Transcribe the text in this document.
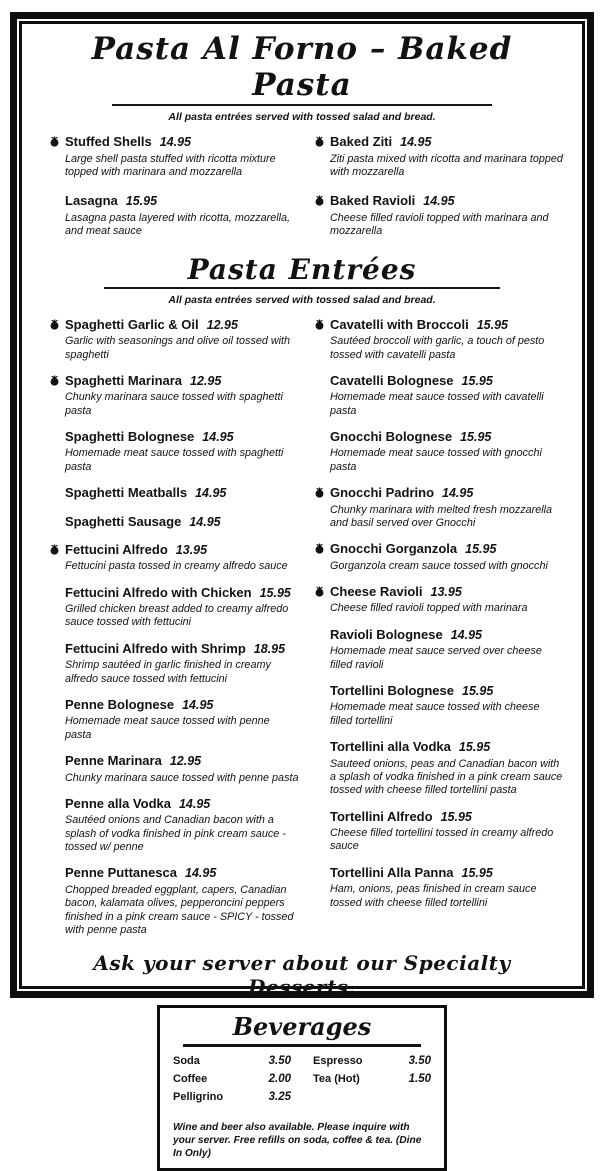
Pasta Al Forno – Baked Pasta
All pasta entrées served with tossed salad and bread.
Stuffed Shells 14.95
Large shell pasta stuffed with ricotta mixture topped with marinara and mozzarella
Lasagna 15.95
Lasagna pasta layered with ricotta, mozzarella, and meat sauce
Baked Ziti 14.95
Ziti pasta mixed with ricotta and marinara topped with mozzarella
Baked Ravioli 14.95
Cheese filled ravioli topped with marinara and mozzarella
Pasta Entrées
All pasta entrées served with tossed salad and bread.
Spaghetti Garlic & Oil 12.95
Garlic with seasonings and olive oil tossed with spaghetti
Spaghetti Marinara 12.95
Chunky marinara sauce tossed with spaghetti pasta
Spaghetti Bolognese 14.95
Homemade meat sauce tossed with spaghetti pasta
Spaghetti Meatballs 14.95
Spaghetti Sausage 14.95
Fettucini Alfredo 13.95
Fettucini pasta tossed in creamy alfredo sauce
Fettucini Alfredo with Chicken 15.95
Grilled chicken breast added to creamy alfredo sauce tossed with fettucini
Fettucini Alfredo with Shrimp 18.95
Shrimp sautéed in garlic finished in creamy alfredo sauce tossed with fettucini
Penne Bolognese 14.95
Homemade meat sauce tossed with penne pasta
Penne Marinara 12.95
Chunky marinara sauce tossed with penne pasta
Penne alla Vodka 14.95
Sautéed onions and Canadian bacon with a splash of vodka finished in pink cream sauce - tossed w/ penne
Penne Puttanesca 14.95
Chopped breaded eggplant, capers, Canadian bacon, kalamata olives, pepperoncini peppers finished in a pink cream sauce - SPICY - tossed with penne pasta
Cavatelli with Broccoli 15.95
Sautéed broccoli with garlic, a touch of pesto tossed with cavatelli pasta
Cavatelli Bolognese 15.95
Homemade meat sauce tossed with cavatelli pasta
Gnocchi Bolognese 15.95
Homemade meat sauce tossed with gnocchi pasta
Gnocchi Padrino 14.95
Chunky marinara with melted fresh mozzarella and basil served over Gnocchi
Gnocchi Gorganzola 15.95
Gorganzola cream sauce tossed with gnocchi
Cheese Ravioli 13.95
Cheese filled ravioli topped with marinara
Ravioli Bolognese 14.95
Homemade meat sauce served over cheese filled ravioli
Tortellini Bolognese 15.95
Homemade meat sauce tossed with cheese filled tortellini
Tortellini alla Vodka 15.95
Sauteed onions, peas and Canadian bacon with a splash of vodka finished in a pink cream sauce tossed with cheese filled tortellini pasta
Tortellini Alfredo 15.95
Cheese filled tortellini tossed in creamy alfredo sauce
Tortellini Alla Panna 15.95
Ham, onions, peas finished in cream sauce tossed with cheese filled tortellini
Ask your server about our Specialty Desserts.
Beverages
Soda	3.50
Coffee	2.00
Pelligrino	3.25
Espresso	3.50
Tea (Hot)	1.50
Wine and beer also available. Please inquire with your server. Free refills on soda, coffee & tea. (Dine In Only)
